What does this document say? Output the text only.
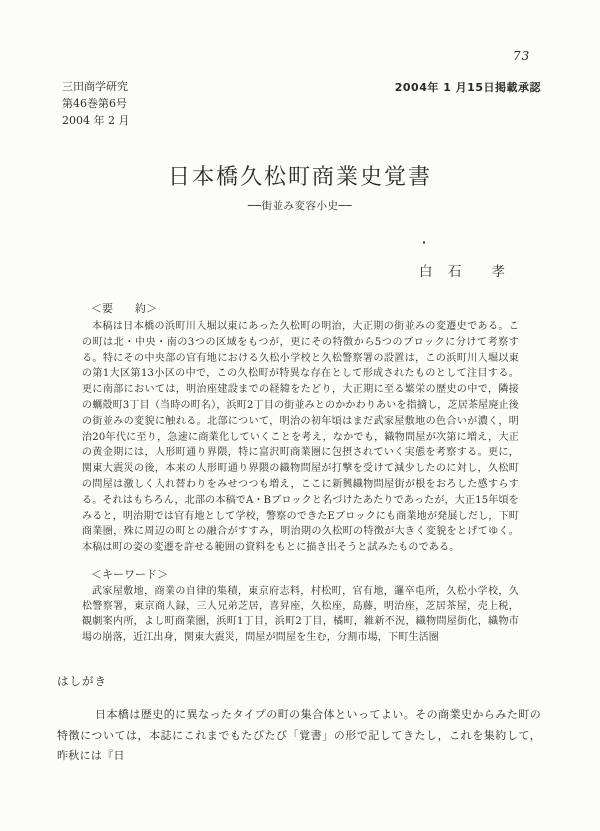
73
三田商学研究
第46巻第6号
2004 年 2 月
2004年 1 月15日掲載承認
日本橋久松町商業史覚書
──街並み変容小史──
白　石　　孝
＜要　　約＞

本稿は日本橋の浜町川入堀以東にあった久松町の明治，大正期の街並みの変遷史である。この町は北・中央・南の3つの区域をもつが，更にその特徴から5つのブロックに分けて考察する。特にその中央部の官有地における久松小学校と久松警察署の設置は，この浜町川入堀以東の第1大区第13小区の中で，この久松町が特異な存在として形成されたものとして注目する。更に南部においては，明治座建設までの経緯をたどり，大正期に至る繁栄の歴史の中で，隣接の蠣殻町3丁目（当時の町名），浜町2丁目の街並みとのかかわりあいを指摘し，芝居茶屋廃止後の街並みの変貌に触れる。北部について，明治の初年頃はまだ武家屋敷地の色合いが濃く，明治20年代に至り，急速に商業化していくことを考え，なかでも，織物問屋が次第に増え，大正の黄金期には，人形町通り界隈，特に富沢町商業圏に包摂されていく実態を考察する。更に，関東大震災の後，本来の人形町通り界隈の織物問屋が打撃を受けて減少したのに対し，久松町の問屋は激しく入れ替わりをみせつつも増え，ここに新興織物問屋街が根をおろした感すらする。それはもちろん，北部の本稿でA・Bブロックと名づけたあたりであったが，大正15年頃をみると，明治期では官有地として学校，警察のできたEブロックにも商業地が発展しだし，下町商業圏，殊に周辺の町との融合がすすみ，明治期の久松町の特徴が大きく変貌をとげてゆく。本稿は町の姿の変遷を許せる範囲の資料をもとに描き出そうと試みたものである。

＜キーワード＞

武家屋敷地，商業の自律的集積，東京府志料，村松町，官有地，邏卒屯所，久松小学校，久松警察署，東京商人録，三人兄弟芝居，喜昇座，久松座，島藤，明治座，芝居茶屋，売上税，観劇案内所，よし町商業圏，浜町1丁目，浜町2丁目，橘町，維新不況，織物問屋街化，織物市場の崩落，近江出身，関東大震災，問屋が問屋を生む，分割市場，下町生活圏

はしがき

日本橋は歴史的に異なったタイプの町の集合体といってよい。その商業史からみた町の特徴については，本誌にこれまでもたびたび「覚書」の形で記してきたし，これを集約して，昨秋には『日
